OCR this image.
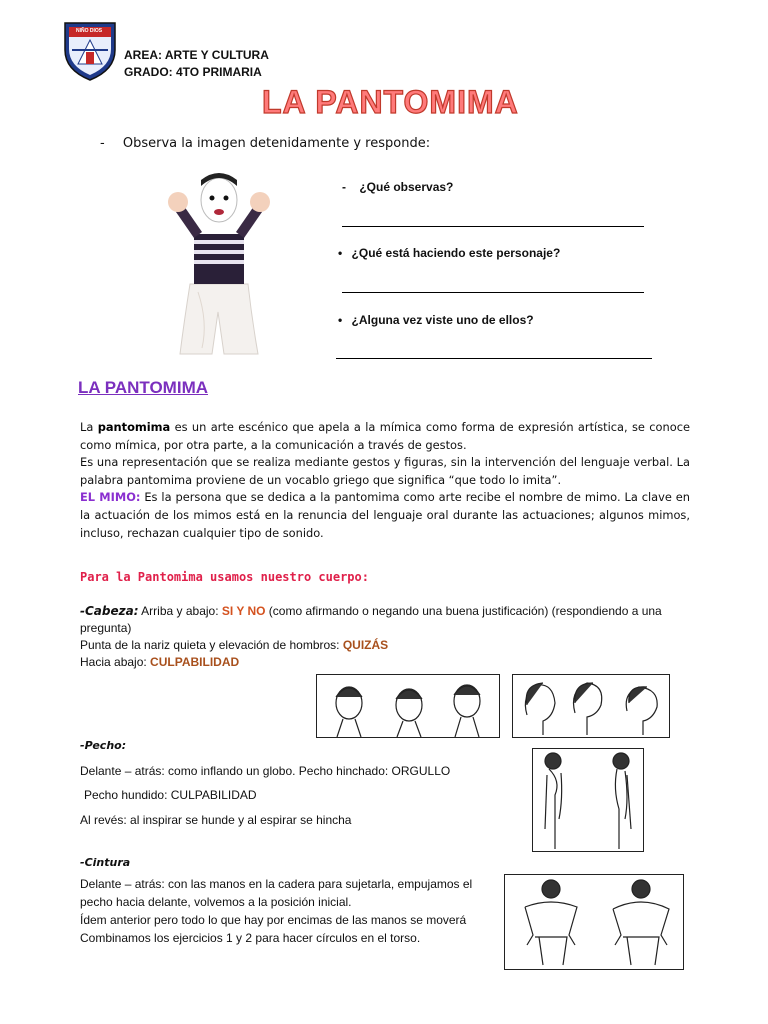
NIÑO DIOS
AREA: ARTE Y CULTURA
GRADO: 4TO PRIMARIA
LA PANTOMIMA
- Observa la imagen detenidamente y responde:
- ¿Qué observas?
• ¿Qué está haciendo este personaje?
• ¿Alguna vez viste uno de ellos?
LA PANTOMIMA
La pantomima es un arte escénico que apela a la mímica como forma de expresión artística, se conoce como mímica, por otra parte, a la comunicación a través de gestos.
Es una representación que se realiza mediante gestos y figuras, sin la intervención del lenguaje verbal. La palabra pantomima proviene de un vocablo griego que significa “que todo lo imita”.
EL MIMO: Es la persona que se dedica a la pantomima como arte recibe el nombre de mimo. La clave en la actuación de los mimos está en la renuncia del lenguaje oral durante las actuaciones; algunos mimos, incluso, rechazan cualquier tipo de sonido.
Para la Pantomima usamos nuestro cuerpo:
-Cabeza: Arriba y abajo: SI Y NO (como afirmando o negando una buena justificación) (respondiendo a una pregunta)
Punta de la nariz quieta y elevación de hombros: QUIZÁS
Hacia abajo: CULPABILIDAD
-Pecho:
Delante – atrás: como inflando un globo. Pecho hinchado: ORGULLO
Pecho hundido: CULPABILIDAD
Al revés: al inspirar se hunde y al espirar se hincha
-Cintura
Delante – atrás: con las manos en la cadera para sujetarla, empujamos el pecho hacia delante, volvemos a la posición inicial.
Ídem anterior pero todo lo que hay por encimas de las manos se moverá
Combinamos los ejercicios 1 y 2 para hacer círculos en el torso.
